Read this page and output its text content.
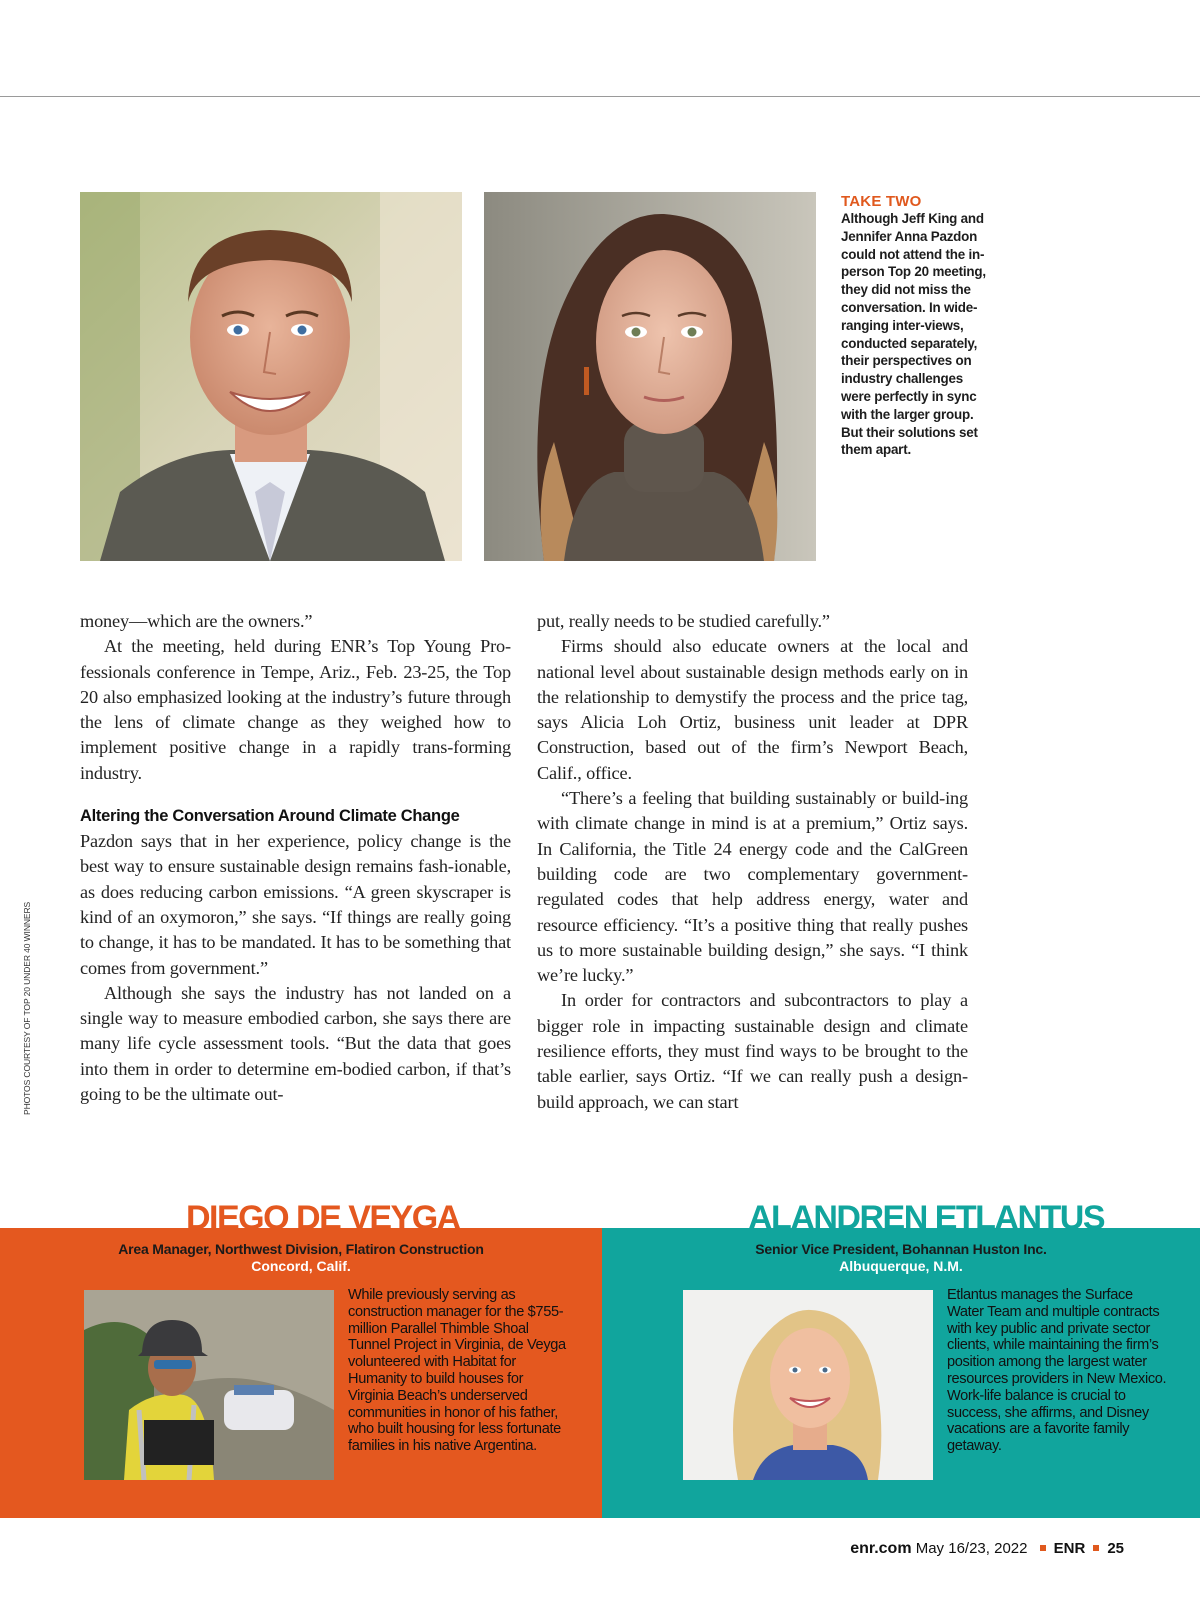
TAKE TWO
Although Jeff King and Jennifer Anna Pazdon could not attend the in-person Top 20 meeting, they did not miss the conversation. In wide-ranging inter-views, conducted separately, their perspectives on industry challenges were perfectly in sync with the larger group. But their solutions set them apart.
PHOTOS COURTESY OF TOP 20 UNDER 40 WINNERS

money—which are the owners.”

At the meeting, held during ENR’s Top Young Pro-fessionals conference in Tempe, Ariz., Feb. 23-25, the Top 20 also emphasized looking at the industry’s future through the lens of climate change as they weighed how to implement positive change in a rapidly trans-forming industry.

Altering the Conversation Around Climate Change

Pazdon says that in her experience, policy change is the best way to ensure sustainable design remains fash-ionable, as does reducing carbon emissions. “A green skyscraper is kind of an oxymoron,” she says. “If things are really going to change, it has to be mandated. It has to be something that comes from government.”

Although she says the industry has not landed on a single way to measure embodied carbon, she says there are many life cycle assessment tools. “But the data that goes into them in order to determine em-bodied carbon, if that’s going to be the ultimate out-

put, really needs to be studied carefully.”

Firms should also educate owners at the local and national level about sustainable design methods early on in the relationship to demystify the process and the price tag, says Alicia Loh Ortiz, business unit leader at DPR Construction, based out of the firm’s Newport Beach, Calif., office.

“There’s a feeling that building sustainably or build-ing with climate change in mind is at a premium,” Ortiz says. In California, the Title 24 energy code and the CalGreen building code are two complementary government-regulated codes that help address energy, water and resource efficiency. “It’s a positive thing that really pushes us to more sustainable building design,” she says. “I think we’re lucky.”

In order for contractors and subcontractors to play a bigger role in impacting sustainable design and climate resilience efforts, they must find ways to be brought to the table earlier, says Ortiz. “If we can really push a design-build approach, we can start

DIEGO DE VEYGA	ALANDREN ETLANTUS
Area Manager, Northwest Division, Flatiron Construction
Concord, Calif.
Senior Vice President, Bohannan Huston Inc.
Albuquerque, N.M.
While previously serving as construction manager for the $755-million Parallel Thimble Shoal Tunnel Project in Virginia, de Veyga volunteered with Habitat for Humanity to build houses for Virginia Beach’s underserved communities in honor of his father, who built housing for less fortunate families in his native Argentina.
Etlantus manages the Surface Water Team and multiple contracts with key public and private sector clients, while maintaining the firm’s position among the largest water resources providers in New Mexico. Work-life balance is crucial to success, she affirms, and Disney vacations are a favorite family getaway.
enr.com May 16/23, 2022 ENR 25
